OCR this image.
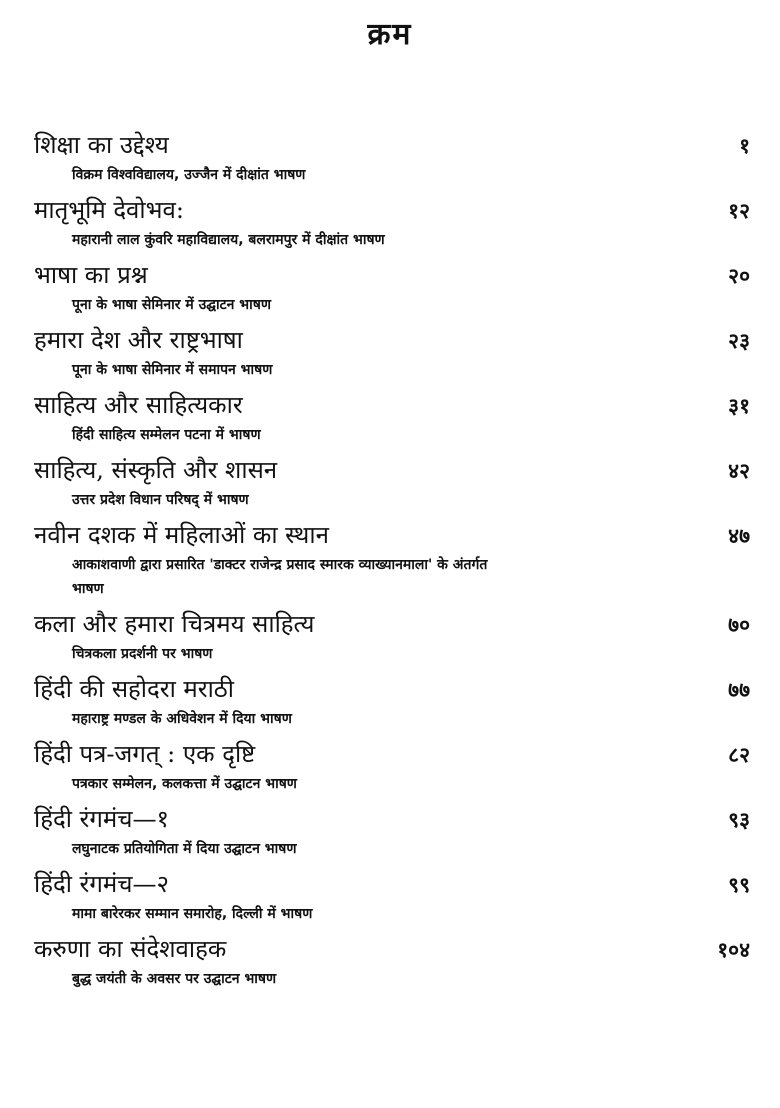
क्रम
शिक्षा का उद्देश्य	१
विक्रम विश्वविद्यालय, उज्जैन में दीक्षांत भाषण
मातृभूमि देवोभव:	१२
महारानी लाल कुंवरि महाविद्यालय, बलरामपुर में दीक्षांत भाषण
भाषा का प्रश्न	२०
पूना के भाषा सेमिनार में उद्घाटन भाषण
हमारा देश और राष्ट्रभाषा	२३
पूना के भाषा सेमिनार में समापन भाषण
साहित्य और साहित्यकार	३१
हिंदी साहित्य सम्मेलन पटना में भाषण
साहित्य, संस्कृति और शासन	४२
उत्तर प्रदेश विधान परिषद् में भाषण
नवीन दशक में महिलाओं का स्थान	४७
आकाशवाणी द्वारा प्रसारित 'डाक्टर राजेन्द्र प्रसाद स्मारक व्याख्यानमाला' के अंतर्गत भाषण
कला और हमारा चित्रमय साहित्य	७०
चित्रकला प्रदर्शनी पर भाषण
हिंदी की सहोदरा मराठी	७७
महाराष्ट्र मण्डल के अधिवेशन में दिया भाषण
हिंदी पत्र-जगत् : एक दृष्टि	८२
पत्रकार सम्मेलन, कलकत्ता में उद्घाटन भाषण
हिंदी रंगमंच—१	९३
लघुनाटक प्रतियोगिता में दिया उद्घाटन भाषण
हिंदी रंगमंच—२	९९
मामा बारेरकर सम्मान समारोह, दिल्ली में भाषण
करुणा का संदेशवाहक	१०४
बुद्ध जयंती के अवसर पर उद्घाटन भाषण
